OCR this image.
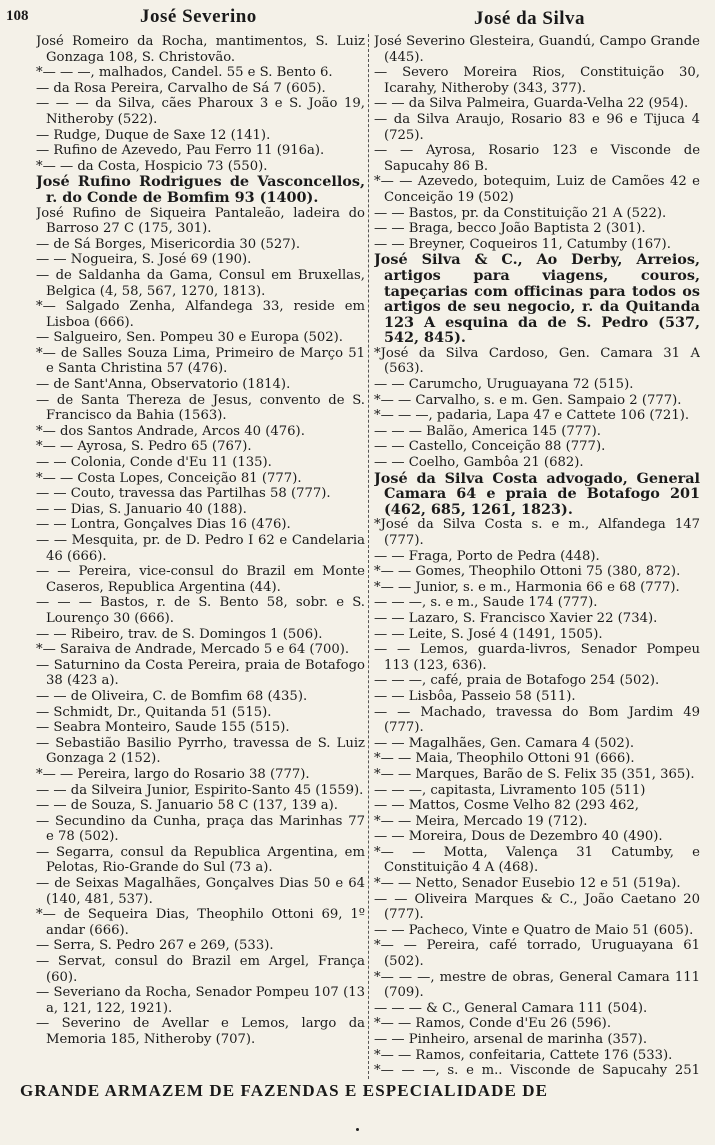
108	José Severino	José da Silva

José Romeiro da Rocha, mantimentos, S. Luiz Gonzaga 108, S. Christovão.

*— — —, malhados, Candel. 55 e S. Bento 6.

— da Rosa Pereira, Carvalho de Sá 7 (605).

— — — da Silva, cães Pharoux 3 e S. João 19, Nitheroby (522).

— Rudge, Duque de Saxe 12 (141).

— Rufino de Azevedo, Pau Ferro 11 (916a).

*— — da Costa, Hospicio 73 (550).

José Rufino Rodrigues de Vasconcellos, r. do Conde de Bomfim 93 (1400).

José Rufino de Siqueira Pantaleão, ladeira do Barroso 27 C (175, 301).

— de Sá Borges, Misericordia 30 (527).

— — Nogueira, S. José 69 (190).

— de Saldanha da Gama, Consul em Bruxellas, Belgica (4, 58, 567, 1270, 1813).

*— Salgado Zenha, Alfandega 33, reside em Lisboa (666).

— Salgueiro, Sen. Pompeu 30 e Europa (502).

*— de Salles Souza Lima, Primeiro de Março 51 e Santa Christina 57 (476).

— de Sant'Anna, Observatorio (1814).

— de Santa Thereza de Jesus, convento de S. Francisco da Bahia (1563).

*— dos Santos Andrade, Arcos 40 (476).

*— — Ayrosa, S. Pedro 65 (767).

— — Colonia, Conde d'Eu 11 (135).

*— — Costa Lopes, Conceição 81 (777).

— — Couto, travessa das Partilhas 58 (777).

— — Dias, S. Januario 40 (188).

— — Lontra, Gonçalves Dias 16 (476).

— — Mesquita, pr. de D. Pedro I 62 e Candelaria 46 (666).

— — Pereira, vice-consul do Brazil em Monte Caseros, Republica Argentina (44).

— — — Bastos, r. de S. Bento 58, sobr. e S. Lourenço 30 (666).

— — Ribeiro, trav. de S. Domingos 1 (506).

*— Saraiva de Andrade, Mercado 5 e 64 (700).

— Saturnino da Costa Pereira, praia de Botafogo 38 (423 a).

— — de Oliveira, C. de Bomfim 68 (435).

— Schmidt, Dr., Quitanda 51 (515).

— Seabra Monteiro, Saude 155 (515).

— Sebastião Basilio Pyrrho, travessa de S. Luiz Gonzaga 2 (152).

*— — Pereira, largo do Rosario 38 (777).

— — da Silveira Junior, Espirito-Santo 45 (1559).

— — de Souza, S. Januario 58 C (137, 139 a).

— Secundino da Cunha, praça das Marinhas 77 e 78 (502).

— Segarra, consul da Republica Argentina, em Pelotas, Rio-Grande do Sul (73 a).

— de Seixas Magalhães, Gonçalves Dias 50 e 64 (140, 481, 537).

*— de Sequeira Dias, Theophilo Ottoni 69, 1º andar (666).

— Serra, S. Pedro 267 e 269, (533).

— Servat, consul do Brazil em Argel, França (60).

— Severiano da Rocha, Senador Pompeu 107 (13 a, 121, 122, 1921).

— Severino de Avellar e Lemos, largo da Memoria 185, Nitheroby (707).

José Severino Glesteira, Guandú, Campo Grande (445).

— Severo Moreira Rios, Constituição 30, Icarahy, Nitheroby (343, 377).

— — da Silva Palmeira, Guarda-Velha 22 (954).

— da Silva Araujo, Rosario 83 e 96 e Tijuca 4 (725).

— — Ayrosa, Rosario 123 e Visconde de Sapucahy 86 B.

*— — Azevedo, botequim, Luiz de Camões 42 e Conceição 19 (502)

— — Bastos, pr. da Constituição 21 A (522).

— — Braga, becco João Baptista 2 (301).

— — Breyner, Coqueiros 11, Catumby (167).

José Silva & C., Ao Derby, Arreios, artigos para viagens, couros, tapeçarias com officinas para todos os artigos de seu negocio, r. da Quitanda 123 A esquina da de S. Pedro (537, 542, 845).

*José da Silva Cardoso, Gen. Camara 31 A (563).

— — Carumcho, Uruguayana 72 (515).

*— — Carvalho, s. e m. Gen. Sampaio 2 (777).

*— — —, padaria, Lapa 47 e Cattete 106 (721).

— — — Balão, America 145 (777).

— — Castello, Conceição 88 (777).

— — Coelho, Gambôa 21 (682).

José da Silva Costa advogado, General Camara 64 e praia de Botafogo 201 (462, 685, 1261, 1823).

*José da Silva Costa s. e m., Alfandega 147 (777).

— — Fraga, Porto de Pedra (448).

*— — Gomes, Theophilo Ottoni 75 (380, 872).

*— — Junior, s. e m., Harmonia 66 e 68 (777).

— — —, s. e m., Saude 174 (777).

— — Lazaro, S. Francisco Xavier 22 (734).

— — Leite, S. José 4 (1491, 1505).

— — Lemos, guarda-livros, Senador Pompeu 113 (123, 636).

— — —, café, praia de Botafogo 254 (502).

— — Lisbôa, Passeio 58 (511).

— — Machado, travessa do Bom Jardim 49 (777).

— — Magalhães, Gen. Camara 4 (502).

*— — Maia, Theophilo Ottoni 91 (666).

*— — Marques, Barão de S. Felix 35 (351, 365).

— — —, capitasta, Livramento 105 (511)

— — Mattos, Cosme Velho 82 (293 462,

*— — Meira, Mercado 19 (712).

— — Moreira, Dous de Dezembro 40 (490).

*— — Motta, Valença 31 Catumby, e Constituição 4 A (468).

*— — Netto, Senador Eusebio 12 e 51 (519a).

— — Oliveira Marques & C., João Caetano 20 (777).

— — Pacheco, Vinte e Quatro de Maio 51 (605).

*— — Pereira, café torrado, Uruguayana 61 (502).

*— — —, mestre de obras, General Camara 111 (709).

— — — & C., General Camara 111 (504).

*— — Ramos, Conde d'Eu 26 (596).

— — Pinheiro, arsenal de marinha (357).

*— — Ramos, confeitaria, Cattete 176 (533).

*— — —, s. e m.. Visconde de Sapucahy 251

GRANDE ARMAZEM DE FAZENDAS E ESPECIALIDADE DE
